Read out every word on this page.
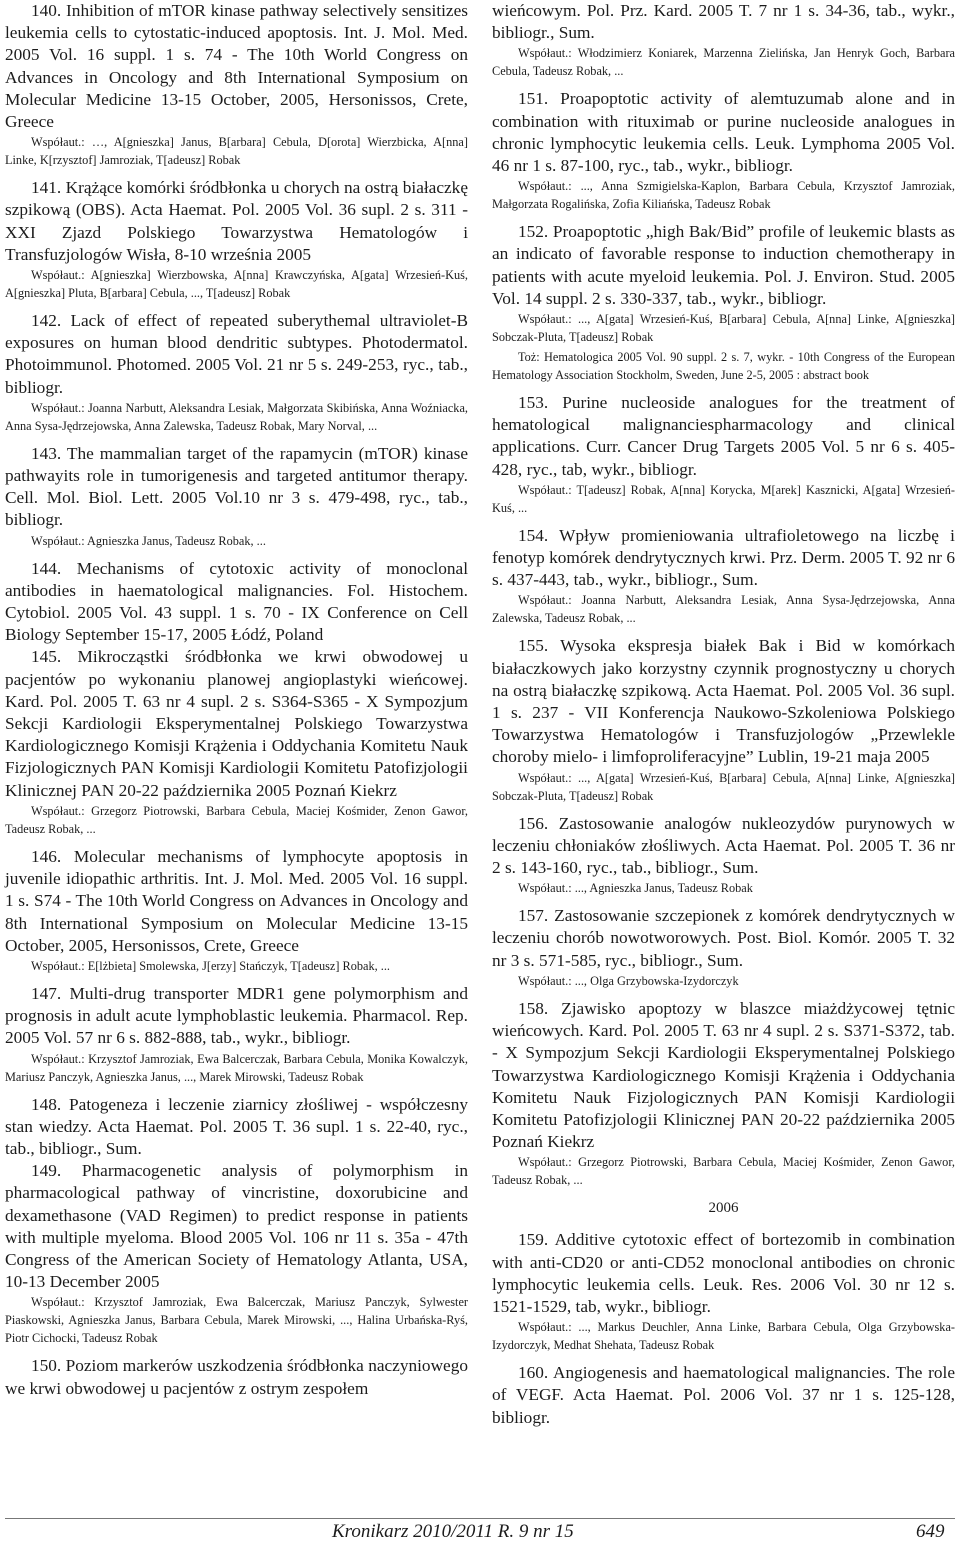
140. Inhibition of mTOR kinase pathway selectively sensitizes leukemia cells to cytostatic-induced apoptosis. Int. J. Mol. Med. 2005 Vol. 16 suppl. 1 s. 74 - The 10th World Congress on Advances in Oncology and 8th International Symposium on Molecular Medicine 13-15 October, 2005, Hersonissos, Crete, Greece

Współaut.: …, A[gnieszka] Janus, B[arbara] Cebula, D[orota] Wierzbicka, A[nna] Linke, K[rzysztof] Jamroziak, T[adeusz] Robak

141. Krążące komórki śródbłonka u chorych na ostrą białaczkę szpikową (OBS). Acta Haemat. Pol. 2005 Vol. 36 supl. 2 s. 311 - XXI Zjazd Polskiego Towarzystwa Hematologów i Transfuzjologów Wisła, 8-10 września 2005

Współaut.: A[gnieszka] Wierzbowska, A[nna] Krawczyńska, A[gata] Wrzesień-Kuś, A[gnieszka] Pluta, B[arbara] Cebula, ..., T[adeusz] Robak

142. Lack of effect of repeated suberythemal ultraviolet-B exposures on human blood dendritic subtypes. Photodermatol. Photoimmunol. Photomed. 2005 Vol. 21 nr 5 s. 249-253, ryc., tab., bibliogr.

Współaut.: Joanna Narbutt, Aleksandra Lesiak, Małgorzata Skibińska, Anna Woźniacka, Anna Sysa-Jędrzejowska, Anna Zalewska, Tadeusz Robak, Mary Norval, ...

143. The mammalian target of the rapamycin (mTOR) kinase pathwayits role in tumorigenesis and targeted antitumor therapy. Cell. Mol. Biol. Lett. 2005 Vol.10 nr 3 s. 479-498, ryc., tab., bibliogr.

Współaut.: Agnieszka Janus, Tadeusz Robak, ...

144. Mechanisms of cytotoxic activity of monoclonal antibodies in haematological malignancies. Fol. Histochem. Cytobiol. 2005 Vol. 43 suppl. 1 s. 70 - IX Conference on Cell Biology September 15-17, 2005 Łódź, Poland

145. Mikrocząstki śródbłonka we krwi obwodowej u pacjentów po wykonaniu planowej angioplastyki wieńcowej. Kard. Pol. 2005 T. 63 nr 4 supl. 2 s. S364-S365 - X Sympozjum Sekcji Kardiologii Eksperymentalnej Polskiego Towarzystwa Kardiologicznego Komisji Krążenia i Oddychania Komitetu Nauk Fizjologicznych PAN Komisji Kardiologii Komitetu Patofizjologii Klinicznej PAN 20-22 października 2005 Poznań Kiekrz

Współaut.: Grzegorz Piotrowski, Barbara Cebula, Maciej Kośmider, Zenon Gawor, Tadeusz Robak, ...

146. Molecular mechanisms of lymphocyte apoptosis in juvenile idiopathic arthritis. Int. J. Mol. Med. 2005 Vol. 16 suppl. 1 s. S74 - The 10th World Congress on Advances in Oncology and 8th International Symposium on Molecular Medicine 13-15 October, 2005, Hersonissos, Crete, Greece

Współaut.: E[lżbieta] Smolewska, J[erzy] Stańczyk, T[adeusz] Robak, ...

147. Multi-drug transporter MDR1 gene polymorphism and prognosis in adult acute lymphoblastic leukemia. Pharmacol. Rep. 2005 Vol. 57 nr 6 s. 882-888, tab., wykr., bibliogr.

Współaut.: Krzysztof Jamroziak, Ewa Balcerczak, Barbara Cebula, Monika Kowalczyk, Mariusz Panczyk, Agnieszka Janus, ..., Marek Mirowski, Tadeusz Robak

148. Patogeneza i leczenie ziarnicy złośliwej - współczesny stan wiedzy. Acta Haemat. Pol. 2005 T. 36 supl. 1 s. 22-40, ryc., tab., bibliogr., Sum.

149. Pharmacogenetic analysis of polymorphism in pharmacological pathway of vincristine, doxorubicine and dexamethasone (VAD Regimen) to predict response in patients with multiple myeloma. Blood 2005 Vol. 106 nr 11 s. 35a - 47th Congress of the American Society of Hematology Atlanta, USA, 10-13 December 2005

Współaut.: Krzysztof Jamroziak, Ewa Balcerczak, Mariusz Panczyk, Sylwester Piaskowski, Agnieszka Janus, Barbara Cebula, Marek Mirowski, ..., Halina Urbańska-Ryś, Piotr Cichocki, Tadeusz Robak

150. Poziom markerów uszkodzenia śródbłonka naczyniowego we krwi obwodowej u pacjentów z ostrym zespołem

wieńcowym. Pol. Prz. Kard. 2005 T. 7 nr 1 s. 34-36, tab., wykr., bibliogr., Sum.

Współaut.: Włodzimierz Koniarek, Marzenna Zielińska, Jan Henryk Goch, Barbara Cebula, Tadeusz Robak, ...

151. Proapoptotic activity of alemtuzumab alone and in combination with rituximab or purine nucleoside analogues in chronic lymphocytic leukemia cells. Leuk. Lymphoma 2005 Vol. 46 nr 1 s. 87-100, ryc., tab., wykr., bibliogr.

Współaut.: ..., Anna Szmigielska-Kaplon, Barbara Cebula, Krzysztof Jamroziak, Małgorzata Rogalińska, Zofia Kiliańska, Tadeusz Robak

152. Proapoptotic „high Bak/Bid” profile of leukemic blasts as an indicato of favorable response to induction chemotherapy in patients with acute myeloid leukemia. Pol. J. Environ. Stud. 2005 Vol. 14 suppl. 2 s. 330-337, tab., wykr., bibliogr.

Współaut.: ..., A[gata] Wrzesień-Kuś, B[arbara] Cebula, A[nna] Linke, A[gnieszka] Sobczak-Pluta, T[adeusz] Robak

Toż: Hematologica 2005 Vol. 90 suppl. 2 s. 7, wykr. - 10th Congress of the European Hematology Association Stockholm, Sweden, June 2-5, 2005 : abstract book

153. Purine nucleoside analogues for the treatment of hematological malignanciespharmacology and clinical applications. Curr. Cancer Drug Targets 2005 Vol. 5 nr 6 s. 405-428, ryc., tab, wykr., bibliogr.

Współaut.: T[adeusz] Robak, A[nna] Korycka, M[arek] Kasznicki, A[gata] Wrzesień-Kuś, ...

154. Wpływ promieniowania ultrafioletowego na liczbę i fenotyp komórek dendrytycznych krwi. Prz. Derm. 2005 T. 92 nr 6 s. 437-443, tab., wykr., bibliogr., Sum.

Współaut.: Joanna Narbutt, Aleksandra Lesiak, Anna Sysa-Jędrzejowska, Anna Zalewska, Tadeusz Robak, ...

155. Wysoka ekspresja białek Bak i Bid w komórkach białaczkowych jako korzystny czynnik prognostyczny u chorych na ostrą białaczkę szpikową. Acta Haemat. Pol. 2005 Vol. 36 supl. 1 s. 237 - VII Konferencja Naukowo-Szkoleniowa Polskiego Towarzystwa Hematologów i Transfuzjologów „Przewlekle choroby mielo- i limfoproliferacyjne” Lublin, 19-21 maja 2005

Współaut.: ..., A[gata] Wrzesień-Kuś, B[arbara] Cebula, A[nna] Linke, A[gnieszka] Sobczak-Pluta, T[adeusz] Robak

156. Zastosowanie analogów nukleozydów purynowych w leczeniu chłoniaków złośliwych. Acta Haemat. Pol. 2005 T. 36 nr 2 s. 143-160, ryc., tab., bibliogr., Sum.

Współaut.: ..., Agnieszka Janus, Tadeusz Robak

157. Zastosowanie szczepionek z komórek dendrytycznych w leczeniu chorób nowotworowych. Post. Biol. Komór. 2005 T. 32 nr 3 s. 571-585, ryc., bibliogr., Sum.

Współaut.: ..., Olga Grzybowska-Izydorczyk

158. Zjawisko apoptozy w blaszce miażdżycowej tętnic wieńcowych. Kard. Pol. 2005 T. 63 nr 4 supl. 2 s. S371-S372, tab. - X Sympozjum Sekcji Kardiologii Eksperymentalnej Polskiego Towarzystwa Kardiologicznego Komisji Krążenia i Oddychania Komitetu Nauk Fizjologicznych PAN Komisji Kardiologii Komitetu Patofizjologii Klinicznej PAN 20-22 października 2005 Poznań Kiekrz

Współaut.: Grzegorz Piotrowski, Barbara Cebula, Maciej Kośmider, Zenon Gawor, Tadeusz Robak, ...

2006

159. Additive cytotoxic effect of bortezomib in combination with anti-CD20 or anti-CD52 monoclonal antibodies on chronic lymphocytic leukemia cells. Leuk. Res. 2006 Vol. 30 nr 12 s. 1521-1529, tab, wykr., bibliogr.

Współaut.: ..., Markus Deuchler, Anna Linke, Barbara Cebula, Olga Grzybowska-Izydorczyk, Medhat Shehata, Tadeusz Robak

160. Angiogenesis and haematological malignancies. The role of VEGF. Acta Haemat. Pol. 2006 Vol. 37 nr 1 s. 125-128, bibliogr.

Kronikarz 2010/2011 R. 9 nr 15	649
